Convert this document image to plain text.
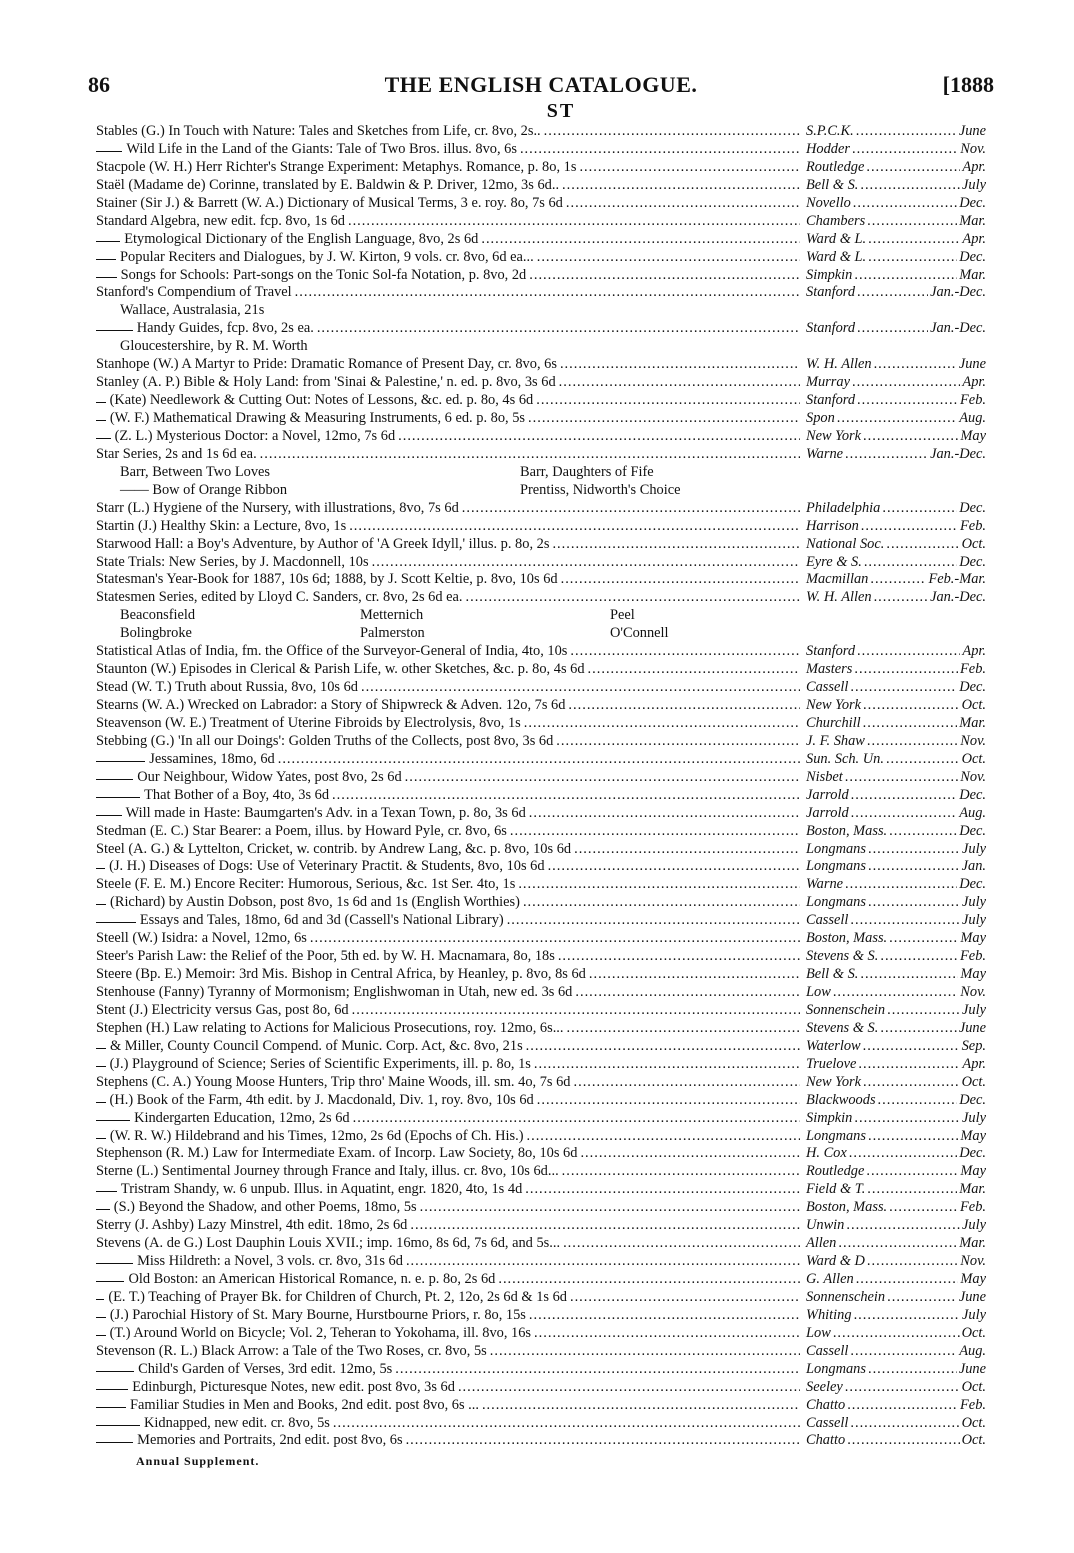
86	THE ENGLISH CATALOGUE.	[1888
ST
Stables (G.) In Touch with Nature: Tales and Sketches from Life, cr. 8vo, 2s.. .....	S.P.C.K. .....	June
Wild Life in the Land of the Giants: Tale of Two Bros. illus. 8vo, 6s .....	Hodder .....	Nov.
Stacpole (W. H.) Herr Richter's Strange Experiment: Metaphys. Romance, p. 8o, 1s .....	Routledge .....	Apr.
Staël (Madame de) Corinne, translated by E. Baldwin & P. Driver, 12mo, 3s 6d.. .....	Bell & S. .....	July
Stainer (Sir J.) & Barrett (W. A.) Dictionary of Musical Terms, 3 e. roy. 8o, 7s 6d .....	Novello .....	Dec.
Standard Algebra, new edit. fcp. 8vo, 1s 6d .....	Chambers .....	Mar.
Etymological Dictionary of the English Language, 8vo, 2s 6d .....	Ward & L. .....	Apr.
Popular Reciters and Dialogues, by J. W. Kirton, 9 vols. cr. 8vo, 6d ea... .....	Ward & L. .....	Dec.
Songs for Schools: Part-songs on the Tonic Sol-fa Notation, p. 8vo, 2d .....	Simpkin .....	Mar.
Stanford's Compendium of Travel .....	Stanford .....	Jan.-Dec.
Wallace, Australasia, 21s
Handy Guides, fcp. 8vo, 2s ea. .....	Stanford .....	Jan.-Dec.
Gloucestershire, by R. M. Worth
Stanhope (W.) A Martyr to Pride: Dramatic Romance of Present Day, cr. 8vo, 6s .....	W. H. Allen .....	June
Stanley (A. P.) Bible & Holy Land: from 'Sinai & Palestine,' n. ed. p. 8vo, 3s 6d .....	Murray .....	Apr.
(Kate) Needlework & Cutting Out: Notes of Lessons, &c. ed. p. 8o, 4s 6d .....	Stanford .....	Feb.
(W. F.) Mathematical Drawing & Measuring Instruments, 6 ed. p. 8o, 5s .....	Spon .....	Aug.
(Z. L.) Mysterious Doctor: a Novel, 12mo, 7s 6d .....	New York .....	May
Star Series, 2s and 1s 6d ea. .....	Warne .....	Jan.-Dec.
Barr, Between Two Loves	Barr, Daughters of Fife
—— Bow of Orange Ribbon	Prentiss, Nidworth's Choice
Starr (L.) Hygiene of the Nursery, with illustrations, 8vo, 7s 6d .....	Philadelphia .....	Dec.
Startin (J.) Healthy Skin: a Lecture, 8vo, 1s .....	Harrison .....	Feb.
Starwood Hall: a Boy's Adventure, by Author of 'A Greek Idyll,' illus. p. 8o, 2s .....	National Soc. .....	Oct.
State Trials: New Series, by J. Macdonnell, 10s .....	Eyre & S. .....	Dec.
Statesman's Year-Book for 1887, 10s 6d; 1888, by J. Scott Keltie, p. 8vo, 10s 6d .....	Macmillan .....	Feb.-Mar.
Statesmen Series, edited by Lloyd C. Sanders, cr. 8vo, 2s 6d ea. .....	W. H. Allen .....	Jan.-Dec.
Beaconsfield	Metternich	Peel
Bolingbroke	Palmerston	O'Connell
Statistical Atlas of India, fm. the Office of the Surveyor-General of India, 4to, 10s .....	Stanford .....	Apr.
Staunton (W.) Episodes in Clerical & Parish Life, w. other Sketches, &c. p. 8o, 4s 6d .....	Masters .....	Feb.
Stead (W. T.) Truth about Russia, 8vo, 10s 6d .....	Cassell .....	Dec.
Stearns (W. A.) Wrecked on Labrador: a Story of Shipwreck & Adven. 12o, 7s 6d .....	New York .....	Oct.
Steavenson (W. E.) Treatment of Uterine Fibroids by Electrolysis, 8vo, 1s .....	Churchill .....	Mar.
Stebbing (G.) 'In all our Doings': Golden Truths of the Collects, post 8vo, 3s 6d .....	J. F. Shaw .....	Nov.
Jessamines, 18mo, 6d .....	Sun. Sch. Un. .....	Oct.
Our Neighbour, Widow Yates, post 8vo, 2s 6d .....	Nisbet .....	Nov.
That Bother of a Boy, 4to, 3s 6d .....	Jarrold .....	Dec.
Will made in Haste: Baumgarten's Adv. in a Texan Town, p. 8o, 3s 6d .....	Jarrold .....	Aug.
Stedman (E. C.) Star Bearer: a Poem, illus. by Howard Pyle, cr. 8vo, 6s .....	Boston, Mass. .....	Dec.
Steel (A. G.) & Lyttelton, Cricket, w. contrib. by Andrew Lang, &c. p. 8vo, 10s 6d .....	Longmans .....	July
(J. H.) Diseases of Dogs: Use of Veterinary Practit. & Students, 8vo, 10s 6d .....	Longmans .....	Jan.
Steele (F. E. M.) Encore Reciter: Humorous, Serious, &c. 1st Ser. 4to, 1s .....	Warne .....	Dec.
(Richard) by Austin Dobson, post 8vo, 1s 6d and 1s (English Worthies) .....	Longmans .....	July
Essays and Tales, 18mo, 6d and 3d (Cassell's National Library) .....	Cassell .....	July
Steell (W.) Isidra: a Novel, 12mo, 6s .....	Boston, Mass. .....	May
Steer's Parish Law: the Relief of the Poor, 5th ed. by W. H. Macnamara, 8o, 18s .....	Stevens & S. .....	Feb.
Steere (Bp. E.) Memoir: 3rd Mis. Bishop in Central Africa, by Heanley, p. 8vo, 8s 6d .....	Bell & S. .....	May
Stenhouse (Fanny) Tyranny of Mormonism; Englishwoman in Utah, new ed. 3s 6d .....	Low .....	Nov.
Stent (J.) Electricity versus Gas, post 8o, 6d .....	Sonnenschein .....	July
Stephen (H.) Law relating to Actions for Malicious Prosecutions, roy. 12mo, 6s... .....	Stevens & S. .....	June
& Miller, County Council Compend. of Munic. Corp. Act, &c. 8vo, 21s .....	Waterlow .....	Sep.
(J.) Playground of Science; Series of Scientific Experiments, ill. p. 8o, 1s .....	Truelove .....	Apr.
Stephens (C. A.) Young Moose Hunters, Trip thro' Maine Woods, ill. sm. 4o, 7s 6d .....	New York .....	Oct.
(H.) Book of the Farm, 4th edit. by J. Macdonald, Div. 1, roy. 8vo, 10s 6d .....	Blackwoods .....	Dec.
Kindergarten Education, 12mo, 2s 6d .....	Simpkin .....	July
(W. R. W.) Hildebrand and his Times, 12mo, 2s 6d (Epochs of Ch. His.) .....	Longmans .....	May
Stephenson (R. M.) Law for Intermediate Exam. of Incorp. Law Society, 8o, 10s 6d .....	H. Cox .....	Dec.
Sterne (L.) Sentimental Journey through France and Italy, illus. cr. 8vo, 10s 6d... .....	Routledge .....	May
Tristram Shandy, w. 6 unpub. Illus. in Aquatint, engr. 1820, 4to, 1s 4d .....	Field & T. .....	Mar.
(S.) Beyond the Shadow, and other Poems, 18mo, 5s .....	Boston, Mass. .....	Feb.
Sterry (J. Ashby) Lazy Minstrel, 4th edit. 18mo, 2s 6d .....	Unwin .....	July
Stevens (A. de G.) Lost Dauphin Louis XVII.; imp. 16mo, 8s 6d, 7s 6d, and 5s... .....	Allen .....	Mar.
Miss Hildreth: a Novel, 3 vols. cr. 8vo, 31s 6d .....	Ward & D .....	Nov.
Old Boston: an American Historical Romance, n. e. p. 8o, 2s 6d .....	G. Allen .....	May
(E. T.) Teaching of Prayer Bk. for Children of Church, Pt. 2, 12o, 2s 6d & 1s 6d .....	Sonnenschein .....	June
(J.) Parochial History of St. Mary Bourne, Hurstbourne Priors, r. 8o, 15s .....	Whiting .....	July
(T.) Around World on Bicycle; Vol. 2, Teheran to Yokohama, ill. 8vo, 16s .....	Low .....	Oct.
Stevenson (R. L.) Black Arrow: a Tale of the Two Roses, cr. 8vo, 5s .....	Cassell .....	Aug.
Child's Garden of Verses, 3rd edit. 12mo, 5s .....	Longmans .....	June
Edinburgh, Picturesque Notes, new edit. post 8vo, 3s 6d .....	Seeley .....	Oct.
Familiar Studies in Men and Books, 2nd edit. post 8vo, 6s ... .....	Chatto .....	Feb.
Kidnapped, new edit. cr. 8vo, 5s .....	Cassell .....	Oct.
Memories and Portraits, 2nd edit. post 8vo, 6s .....	Chatto .....	Oct.
Annual Supplement.
